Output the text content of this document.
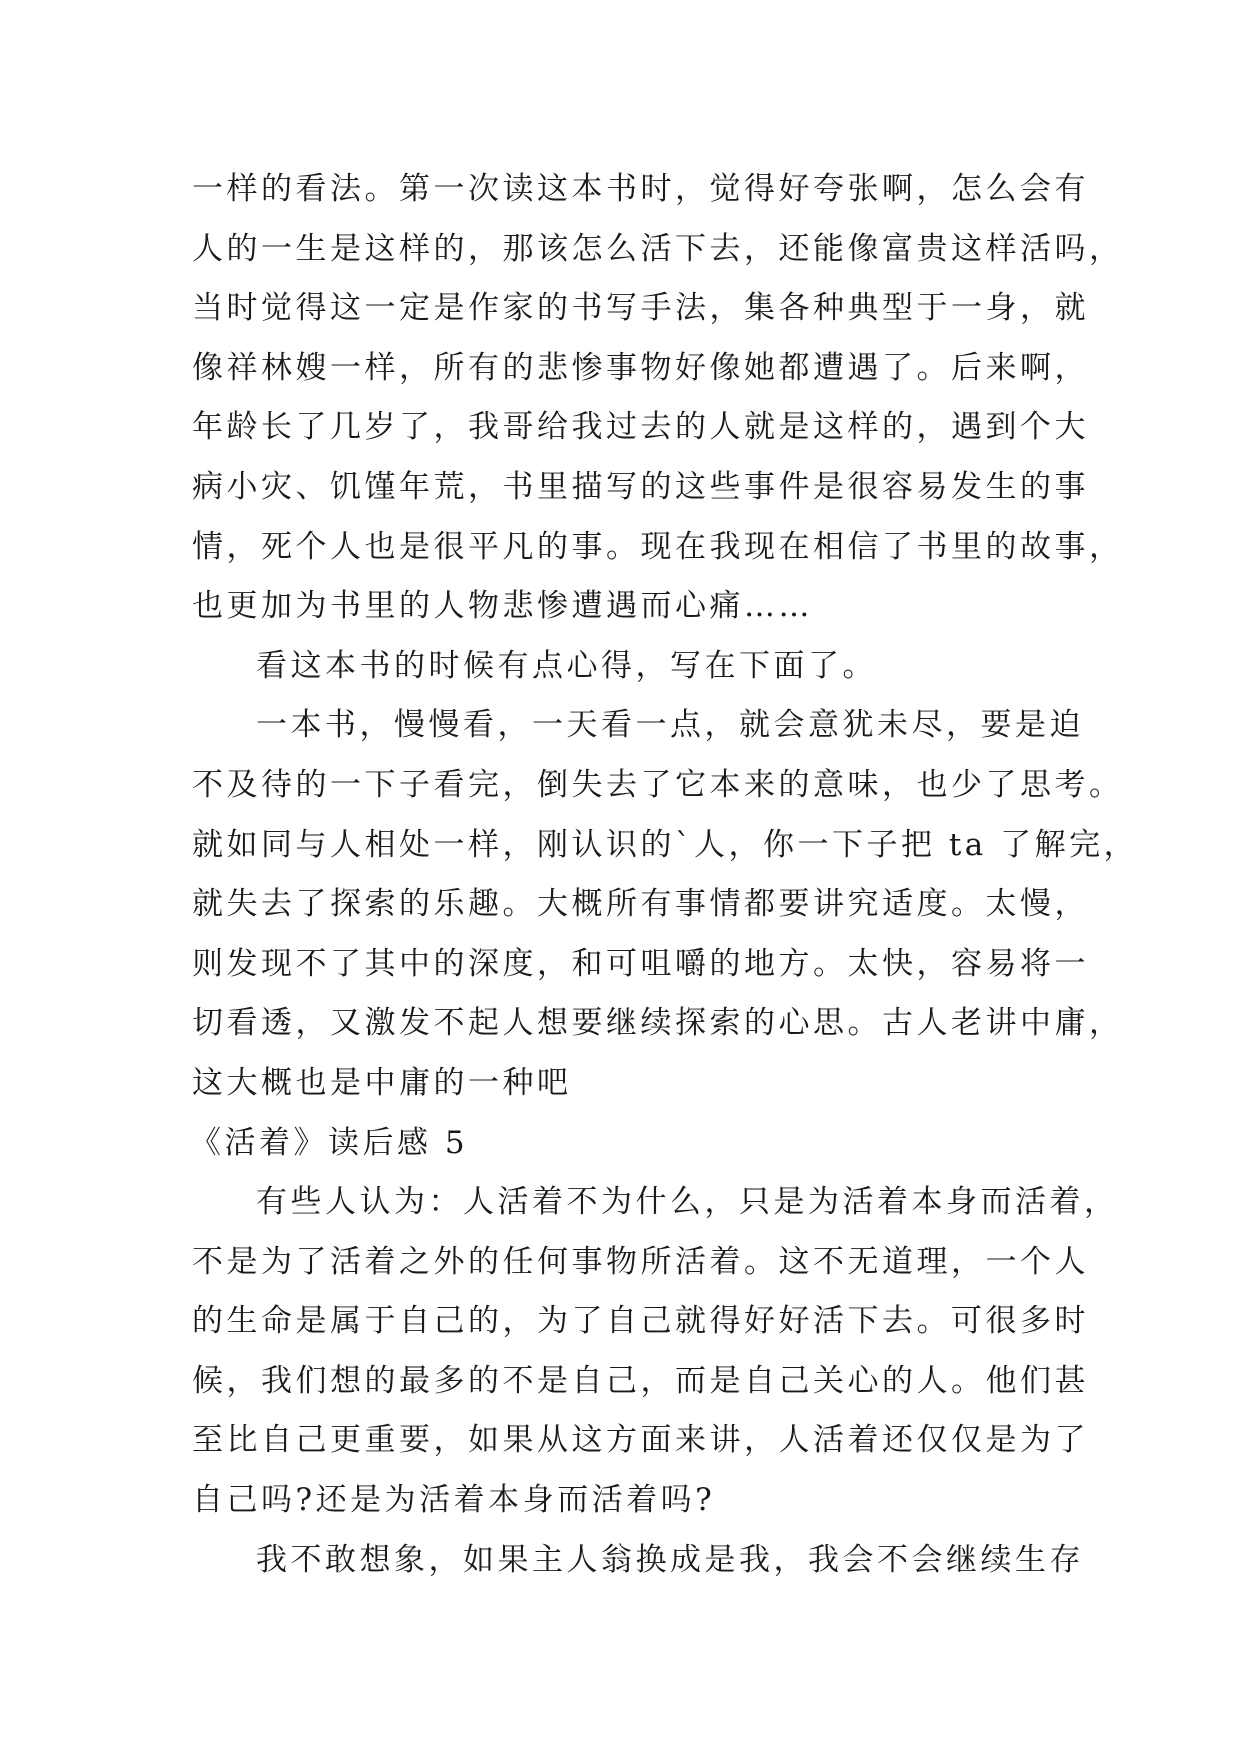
一样的看法。第一次读这本书时，觉得好夸张啊，怎么会有
人的一生是这样的，那该怎么活下去，还能像富贵这样活吗，
当时觉得这一定是作家的书写手法，集各种典型于一身，就
像祥林嫂一样，所有的悲惨事物好像她都遭遇了。后来啊，
年龄长了几岁了，我哥给我过去的人就是这样的，遇到个大
病小灾、饥馑年荒，书里描写的这些事件是很容易发生的事
情，死个人也是很平凡的事。现在我现在相信了书里的故事，
也更加为书里的人物悲惨遭遇而心痛……
看这本书的时候有点心得，写在下面了。
一本书，慢慢看，一天看一点，就会意犹未尽，要是迫
不及待的一下子看完，倒失去了它本来的意味，也少了思考。
就如同与人相处一样，刚认识的`人，你一下子把 ta 了解完，
就失去了探索的乐趣。大概所有事情都要讲究适度。太慢，
则发现不了其中的深度，和可咀嚼的地方。太快，容易将一
切看透，又激发不起人想要继续探索的心思。古人老讲中庸，
这大概也是中庸的一种吧
《活着》读后感 5
有些人认为：人活着不为什么，只是为活着本身而活着，
不是为了活着之外的任何事物所活着。这不无道理，一个人
的生命是属于自己的，为了自己就得好好活下去。可很多时
候，我们想的最多的不是自己，而是自己关心的人。他们甚
至比自己更重要，如果从这方面来讲，人活着还仅仅是为了
自己吗?还是为活着本身而活着吗?
我不敢想象，如果主人翁换成是我，我会不会继续生存
